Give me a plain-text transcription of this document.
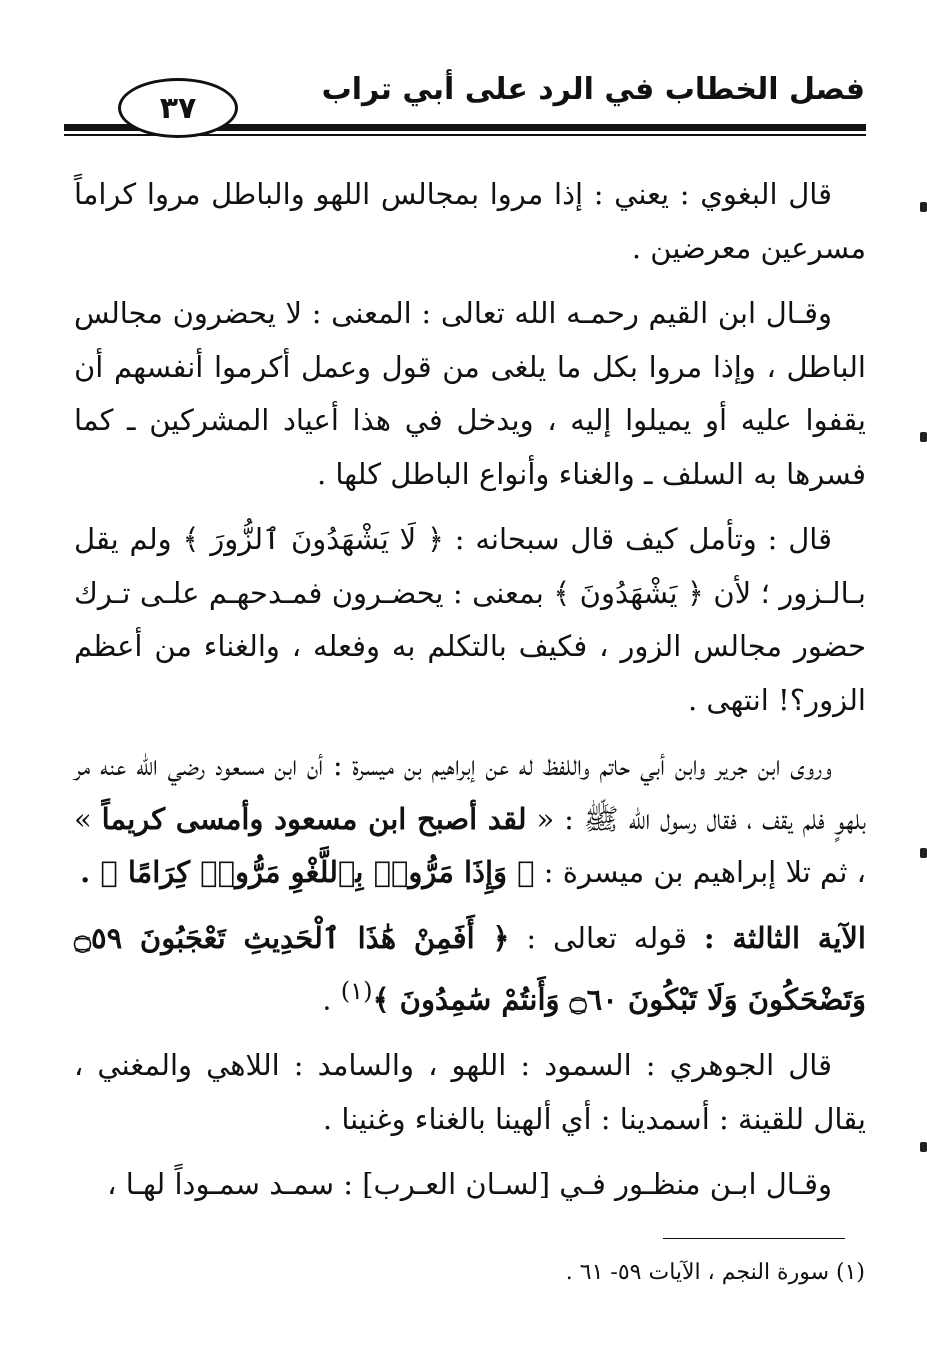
فصل الخطاب في الرد على أبي تراب
٣٧

قال البغوي : يعني : إذا مروا بمجالس اللهو والباطل مروا كراماً مسرعين معرضين .

وقـال ابن القيم رحمـه الله تعالى : المعنى : لا يحضرون مجالس الباطل ، وإذا مروا بكل ما يلغى من قول وعمل أكرموا أنفسهم أن يقفوا عليه أو يميلوا إليه ، ويدخل في هذا أعياد المشركين ـ كما فسرها به السلف ـ والغناء وأنواع الباطل كلها .

قال : وتأمل كيف قال سبحانه : ﴿ لَا يَشْهَدُونَ ٱلزُّورَ ﴾ ولم يقل بـالـزور ؛ لأن ﴿ يَشْهَدُونَ ﴾ بمعنى : يحضـرون فمـدحهـم علـى تـرك حضور مجالس الزور ، فكيف بالتكلم به وفعله ، والغناء من أعظم الزور؟! انتهى .

وروى ابن جرير وابن أبي حاتم واللفظ له عن إبراهيم بن ميسرة : أن ابن مسعود رضي الله عنه مر بلهوٍ فلم يقف ، فقال رسول الله ﷺ : « لقد أصبح ابن مسعود وأمسى كريماً » ، ثم تلا إبراهيم بن ميسرة : ﴿ وَإِذَا مَرُّوا۟ بِٱللَّغْوِ مَرُّوا۟ كِرَامًا ﴾ .

الآية الثالثة : قوله تعالى : ﴿ أَفَمِنْ هَٰذَا ٱلْحَدِيثِ تَعْجَبُونَ ۝٥٩ وَتَضْحَكُونَ وَلَا تَبْكُونَ ۝٦٠ وَأَنتُمْ سَٰمِدُونَ ﴾$^{(١)}$ .

قال الجوهري : السمود : اللهو ، والسامد : اللاهي والمغني ، يقال للقينة : أسمدينا : أي ألهينا بالغناء وغنينا .

وقـال ابـن منظـور فـي [لسـان العـرب] : سمـد سمـوداً لهـا ،

(١) سورة النجم ، الآيات ٥٩- ٦١ .
